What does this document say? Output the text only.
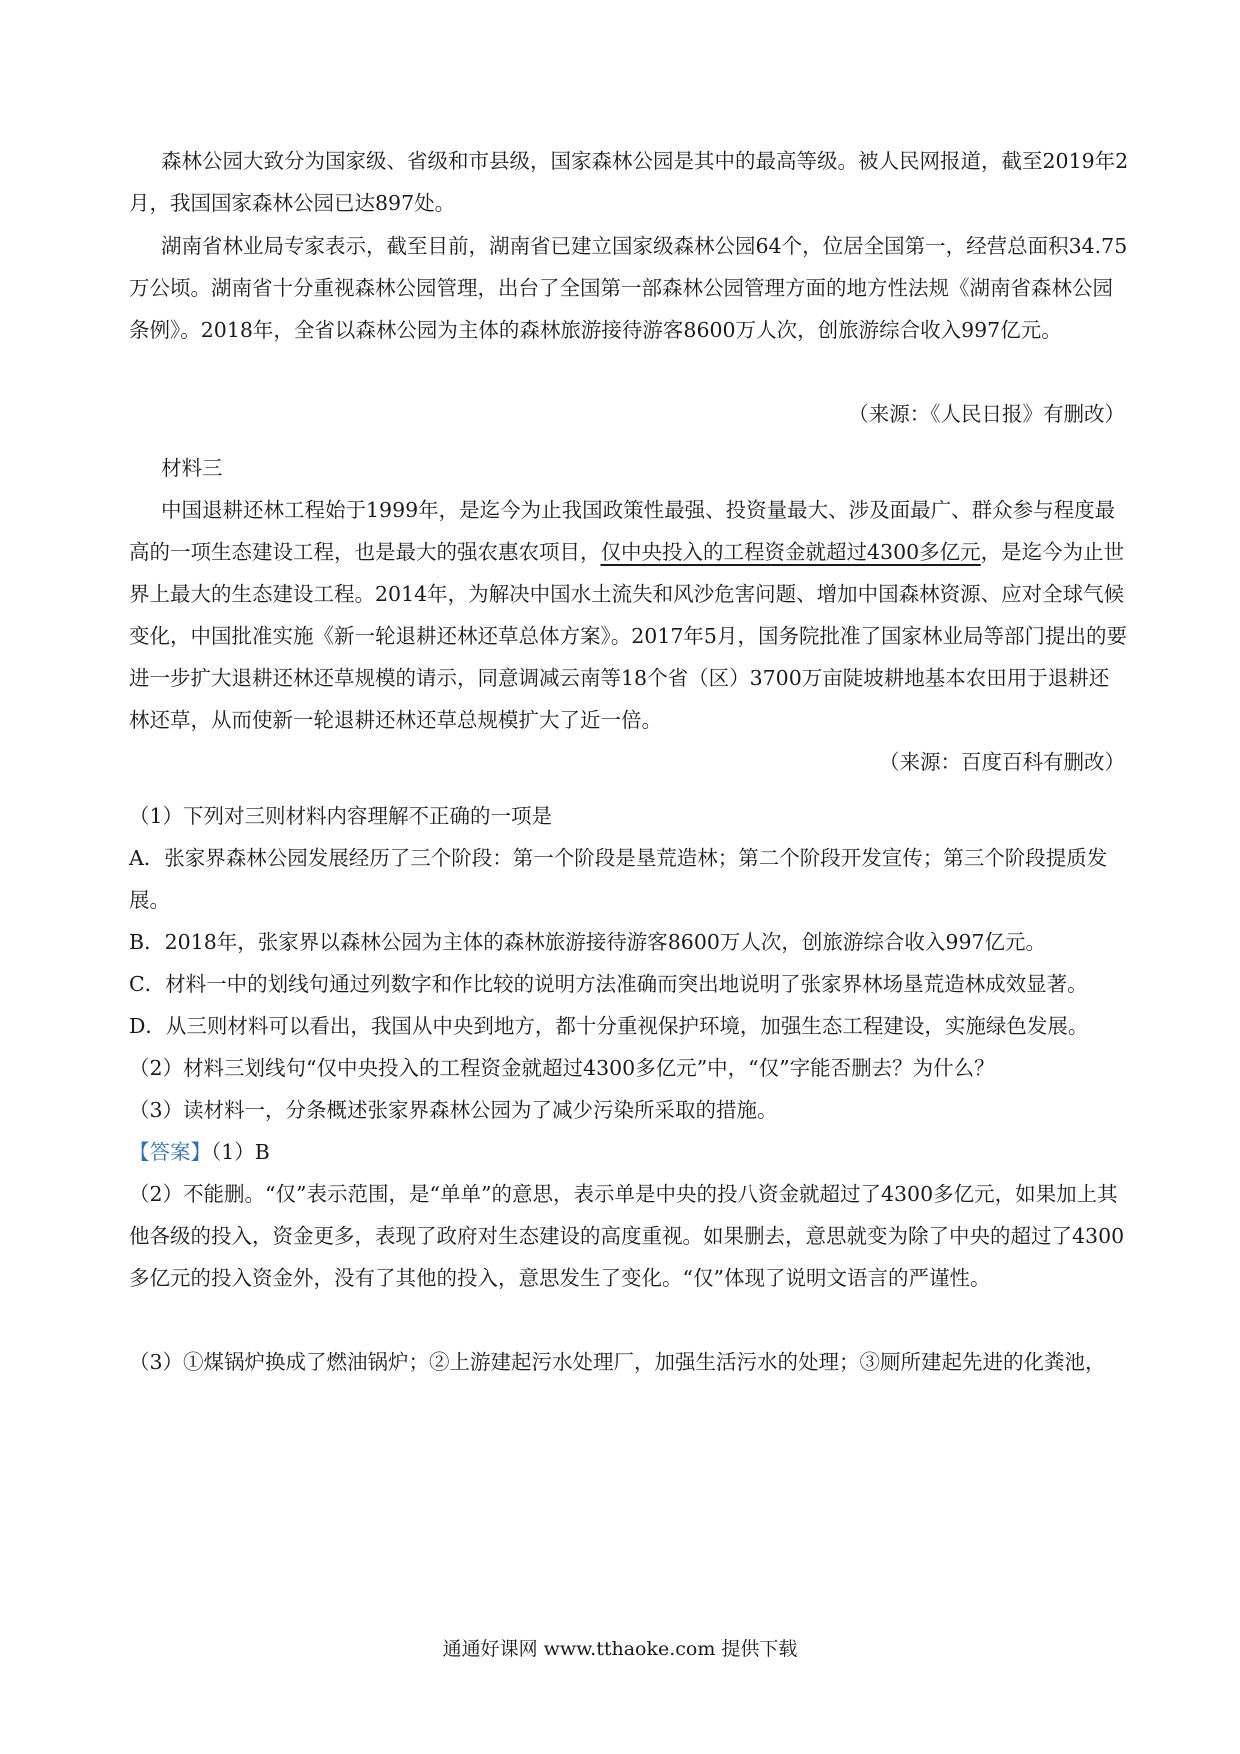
森林公园大致分为国家级、省级和市县级，国家森林公园是其中的最高等级。被人民网报道，截至2019年2月，我国国家森林公园已达897处。

湖南省林业局专家表示，截至目前，湖南省已建立国家级森林公园64个，位居全国第一，经营总面积34.75万公顷。湖南省十分重视森林公园管理，出台了全国第一部森林公园管理方面的地方性法规《湖南省森林公园条例》。2018年，全省以森林公园为主体的森林旅游接待游客8600万人次，创旅游综合收入997亿元。

（来源：《人民日报》有删改）

材料三

中国退耕还林工程始于1999年，是迄今为止我国政策性最强、投资量最大、涉及面最广、群众参与程度最高的一项生态建设工程，也是最大的强农惠农项目，仅中央投入的工程资金就超过4300多亿元，是迄今为止世界上最大的生态建设工程。2014年，为解决中国水土流失和风沙危害问题、增加中国森林资源、应对全球气候变化，中国批准实施《新一轮退耕还林还草总体方案》。2017年5月，国务院批准了国家林业局等部门提出的要进一步扩大退耕还林还草规模的请示，同意调减云南等18个省（区）3700万亩陡坡耕地基本农田用于退耕还林还草，从而使新一轮退耕还林还草总规模扩大了近一倍。

（来源：百度百科有删改）

（1）下列对三则材料内容理解不正确的一项是

A．张家界森林公园发展经历了三个阶段：第一个阶段是垦荒造林；第二个阶段开发宣传；第三个阶段提质发展。

B．2018年，张家界以森林公园为主体的森林旅游接待游客8600万人次，创旅游综合收入997亿元。

C．材料一中的划线句通过列数字和作比较的说明方法准确而突出地说明了张家界林场垦荒造林成效显著。

D．从三则材料可以看出，我国从中央到地方，都十分重视保护环境，加强生态工程建设，实施绿色发展。

（2）材料三划线句“仅中央投入的工程资金就超过4300多亿元”中，“仅”字能否删去？为什么？

（3）读材料一，分条概述张家界森林公园为了减少污染所采取的措施。

【答案】（1）B

（2）不能删。“仅”表示范围，是“单单”的意思，表示单是中央的投八资金就超过了4300多亿元，如果加上其他各级的投入，资金更多，表现了政府对生态建设的高度重视。如果删去，意思就变为除了中央的超过了4300多亿元的投入资金外，没有了其他的投入，意思发生了变化。“仅”体现了说明文语言的严谨性。

（3）①煤锅炉换成了燃油锅炉；②上游建起污水处理厂，加强生活污水的处理；③厕所建起先进的化粪池，

通通好课网 www.tthaoke.com 提供下载
